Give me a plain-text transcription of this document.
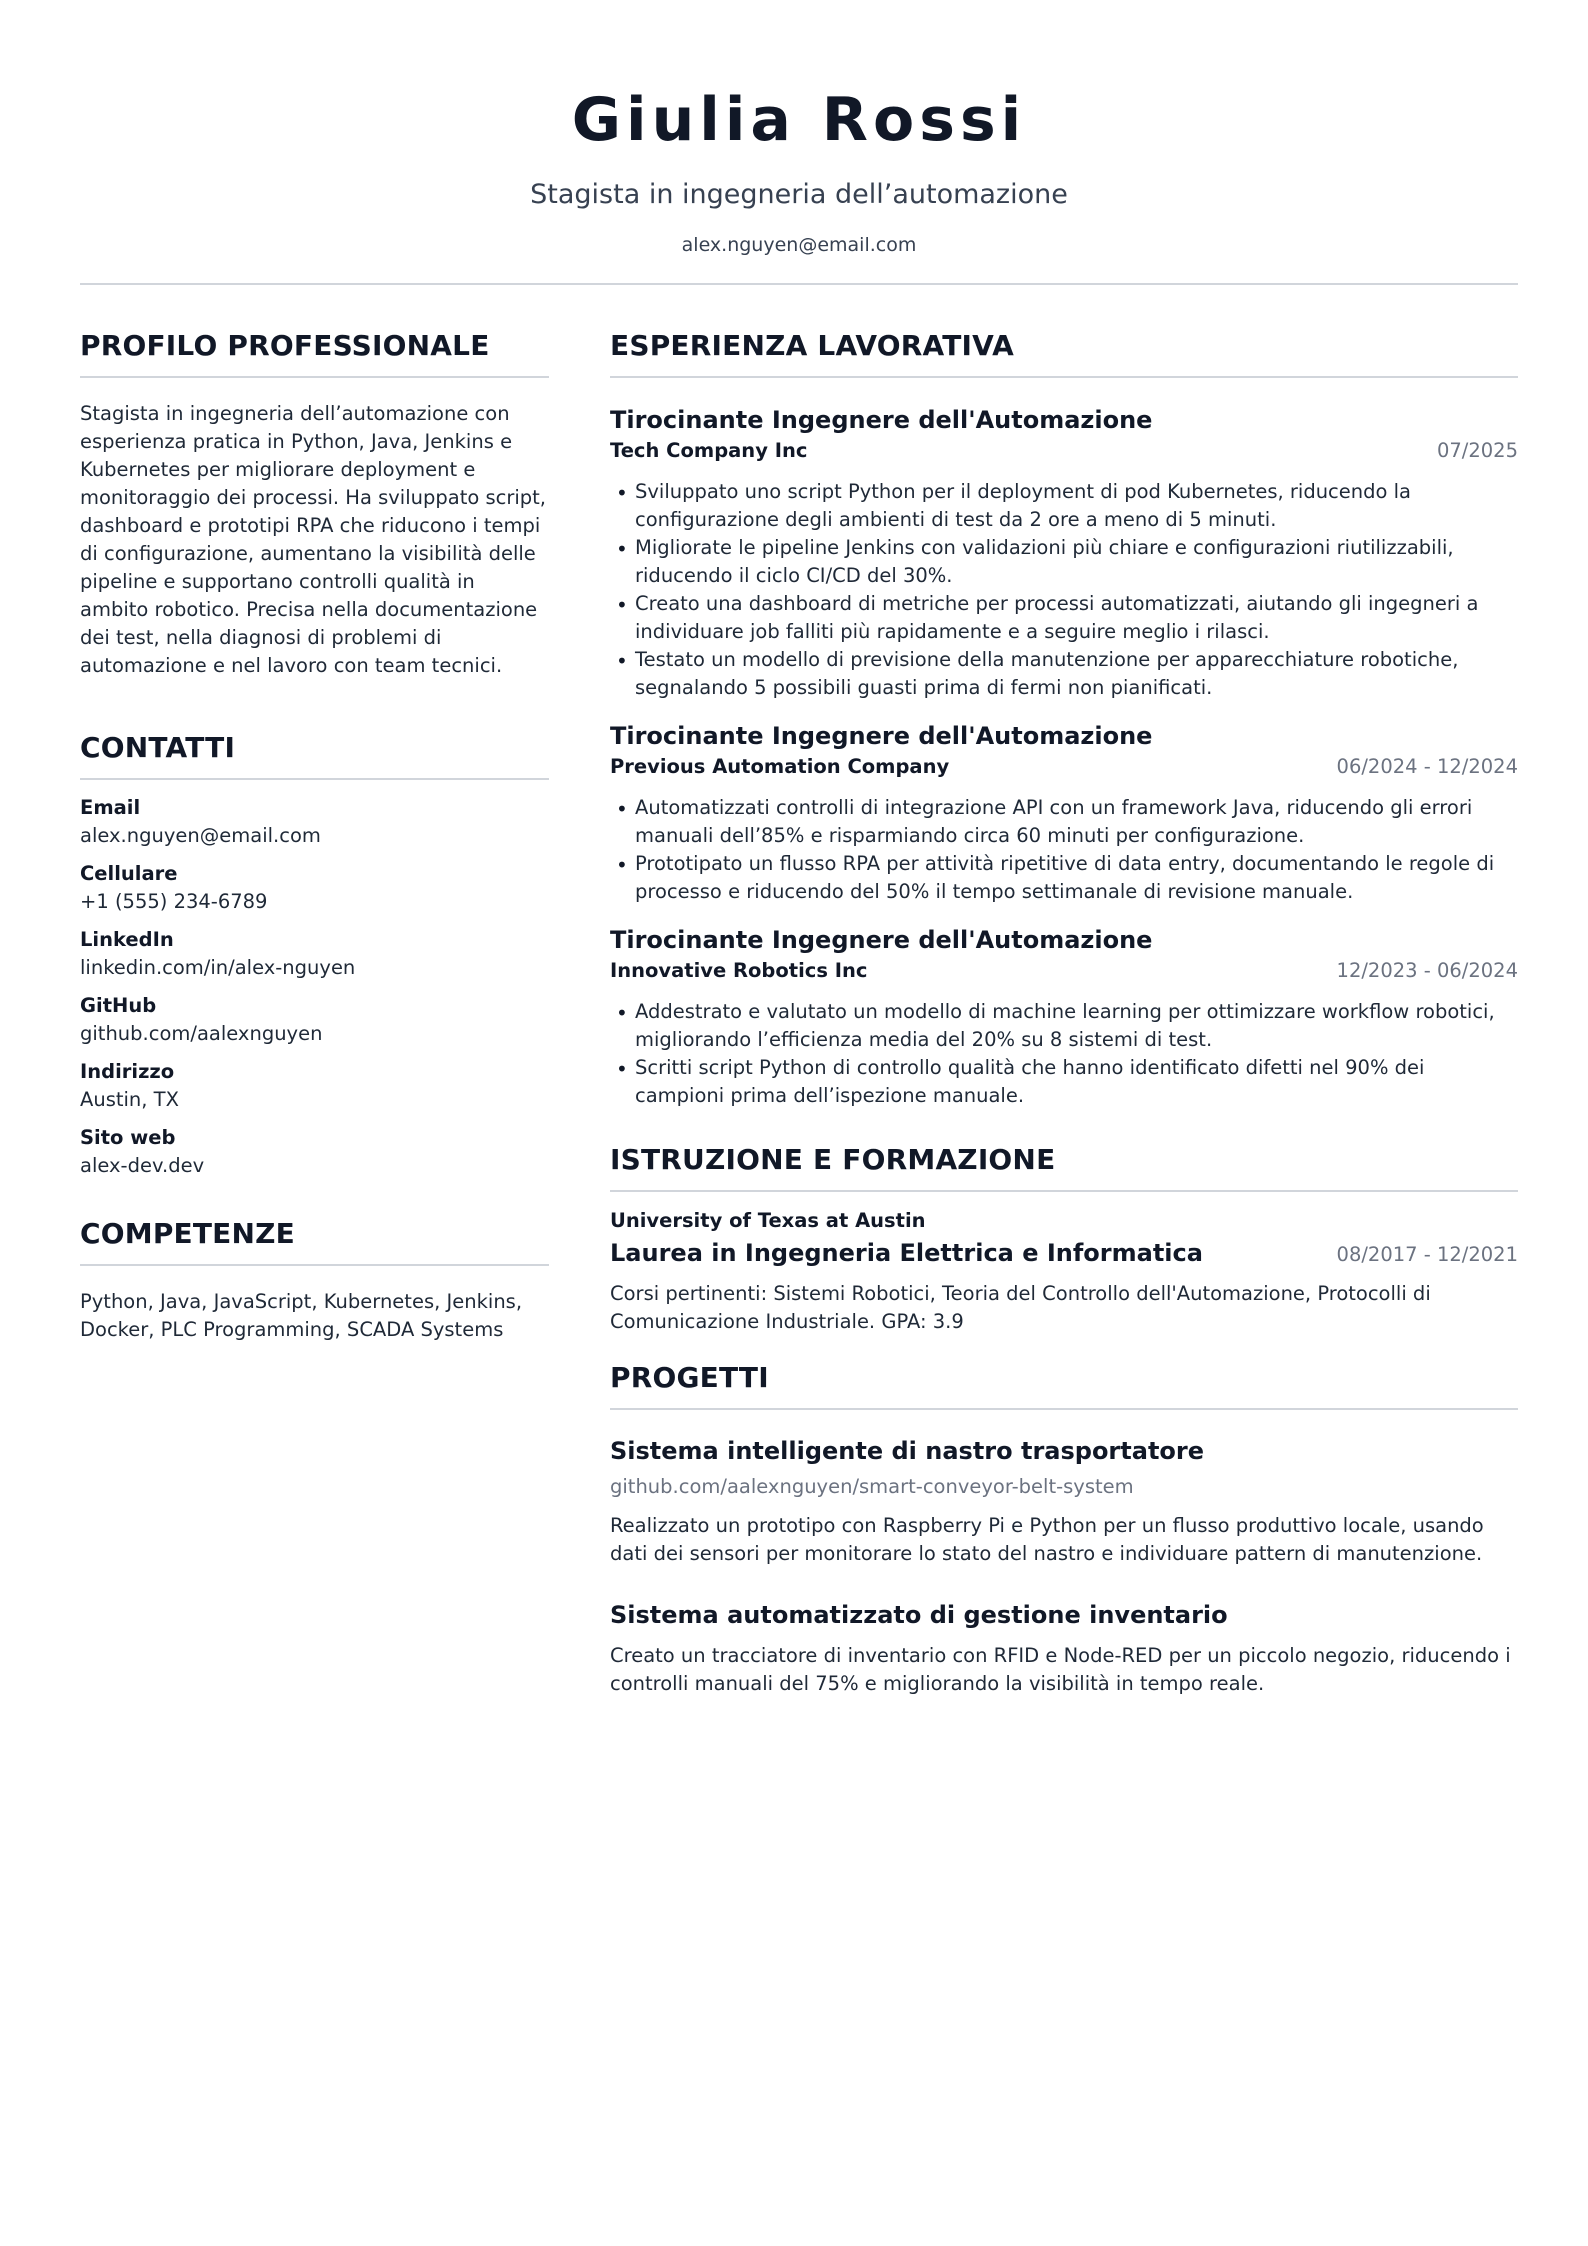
Giulia Rossi
Stagista in ingegneria dell’automazione
alex.nguyen@email.com
PROFILO PROFESSIONALE
Stagista in ingegneria dell’automazione con esperienza pratica in Python, Java, Jenkins e Kubernetes per migliorare deployment e monitoraggio dei processi. Ha sviluppato script, dashboard e prototipi RPA che riducono i tempi di configurazione, aumentano la visibilità delle pipeline e supportano controlli qualità in ambito robotico. Precisa nella documentazione dei test, nella diagnosi di problemi di automazione e nel lavoro con team tecnici.
CONTATTI
Email
alex.nguyen@email.com
Cellulare
+1 (555) 234-6789
LinkedIn
linkedin.com/in/alex-nguyen
GitHub
github.com/aalexnguyen
Indirizzo
Austin, TX
Sito web
alex-dev.dev
COMPETENZE
Python, Java, JavaScript, Kubernetes, Jenkins, Docker, PLC Programming, SCADA Systems
ESPERIENZA LAVORATIVA
Tirocinante Ingegnere dell'Automazione
Tech Company Inc	07/2025
• Sviluppato uno script Python per il deployment di pod Kubernetes, riducendo la configurazione degli ambienti di test da 2 ore a meno di 5 minuti.
• Migliorate le pipeline Jenkins con validazioni più chiare e configurazioni riutilizzabili, riducendo il ciclo CI/CD del 30%.
• Creato una dashboard di metriche per processi automatizzati, aiutando gli ingegneri a individuare job falliti più rapidamente e a seguire meglio i rilasci.
• Testato un modello di previsione della manutenzione per apparecchiature robotiche, segnalando 5 possibili guasti prima di fermi non pianificati.
Tirocinante Ingegnere dell'Automazione
Previous Automation Company	06/2024 - 12/2024
• Automatizzati controlli di integrazione API con un framework Java, riducendo gli errori manuali dell’85% e risparmiando circa 60 minuti per configurazione.
• Prototipato un flusso RPA per attività ripetitive di data entry, documentando le regole di processo e riducendo del 50% il tempo settimanale di revisione manuale.
Tirocinante Ingegnere dell'Automazione
Innovative Robotics Inc	12/2023 - 06/2024
• Addestrato e valutato un modello di machine learning per ottimizzare workflow robotici, migliorando l’efficienza media del 20% su 8 sistemi di test.
• Scritti script Python di controllo qualità che hanno identificato difetti nel 90% dei campioni prima dell’ispezione manuale.
ISTRUZIONE E FORMAZIONE
University of Texas at Austin
Laurea in Ingegneria Elettrica e Informatica	08/2017 - 12/2021
Corsi pertinenti: Sistemi Robotici, Teoria del Controllo dell'Automazione, Protocolli di Comunicazione Industriale. GPA: 3.9
PROGETTI
Sistema intelligente di nastro trasportatore
github.com/aalexnguyen/smart-conveyor-belt-system
Realizzato un prototipo con Raspberry Pi e Python per un flusso produttivo locale, usando dati dei sensori per monitorare lo stato del nastro e individuare pattern di manutenzione.
Sistema automatizzato di gestione inventario
Creato un tracciatore di inventario con RFID e Node-RED per un piccolo negozio, riducendo i controlli manuali del 75% e migliorando la visibilità in tempo reale.
